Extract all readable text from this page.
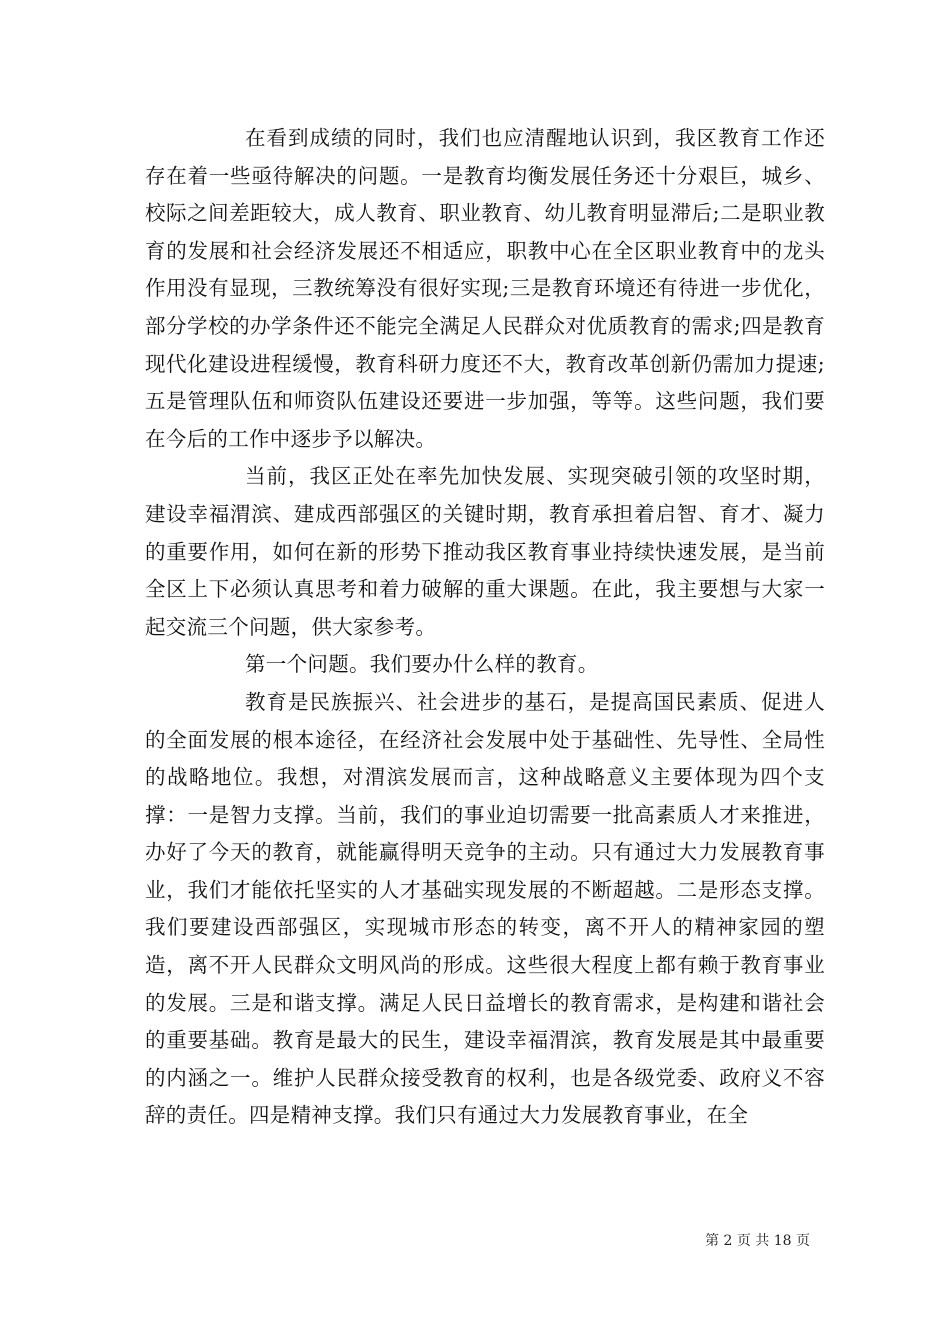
在看到成绩的同时，我们也应清醒地认识到，我区教育工作还存在着一些亟待解决的问题。一是教育均衡发展任务还十分艰巨，城乡、校际之间差距较大，成人教育、职业教育、幼儿教育明显滞后;二是职业教育的发展和社会经济发展还不相适应，职教中心在全区职业教育中的龙头作用没有显现，三教统筹没有很好实现;三是教育环境还有待进一步优化，部分学校的办学条件还不能完全满足人民群众对优质教育的需求;四是教育现代化建设进程缓慢，教育科研力度还不大，教育改革创新仍需加力提速;五是管理队伍和师资队伍建设还要进一步加强，等等。这些问题，我们要在今后的工作中逐步予以解决。

当前，我区正处在率先加快发展、实现突破引领的攻坚时期，建设幸福渭滨、建成西部强区的关键时期，教育承担着启智、育才、凝力的重要作用，如何在新的形势下推动我区教育事业持续快速发展，是当前全区上下必须认真思考和着力破解的重大课题。在此，我主要想与大家一起交流三个问题，供大家参考。

第一个问题。我们要办什么样的教育。

教育是民族振兴、社会进步的基石，是提高国民素质、促进人的全面发展的根本途径，在经济社会发展中处于基础性、先导性、全局性的战略地位。我想，对渭滨发展而言，这种战略意义主要体现为四个支撑：一是智力支撑。当前，我们的事业迫切需要一批高素质人才来推进，办好了今天的教育，就能赢得明天竞争的主动。只有通过大力发展教育事业，我们才能依托坚实的人才基础实现发展的不断超越。二是形态支撑。我们要建设西部强区，实现城市形态的转变，离不开人的精神家园的塑造，离不开人民群众文明风尚的形成。这些很大程度上都有赖于教育事业的发展。三是和谐支撑。满足人民日益增长的教育需求，是构建和谐社会的重要基础。教育是最大的民生，建设幸福渭滨，教育发展是其中最重要的内涵之一。维护人民群众接受教育的权利，也是各级党委、政府义不容辞的责任。四是精神支撑。我们只有通过大力发展教育事业，在全

第 2 页 共 18 页
